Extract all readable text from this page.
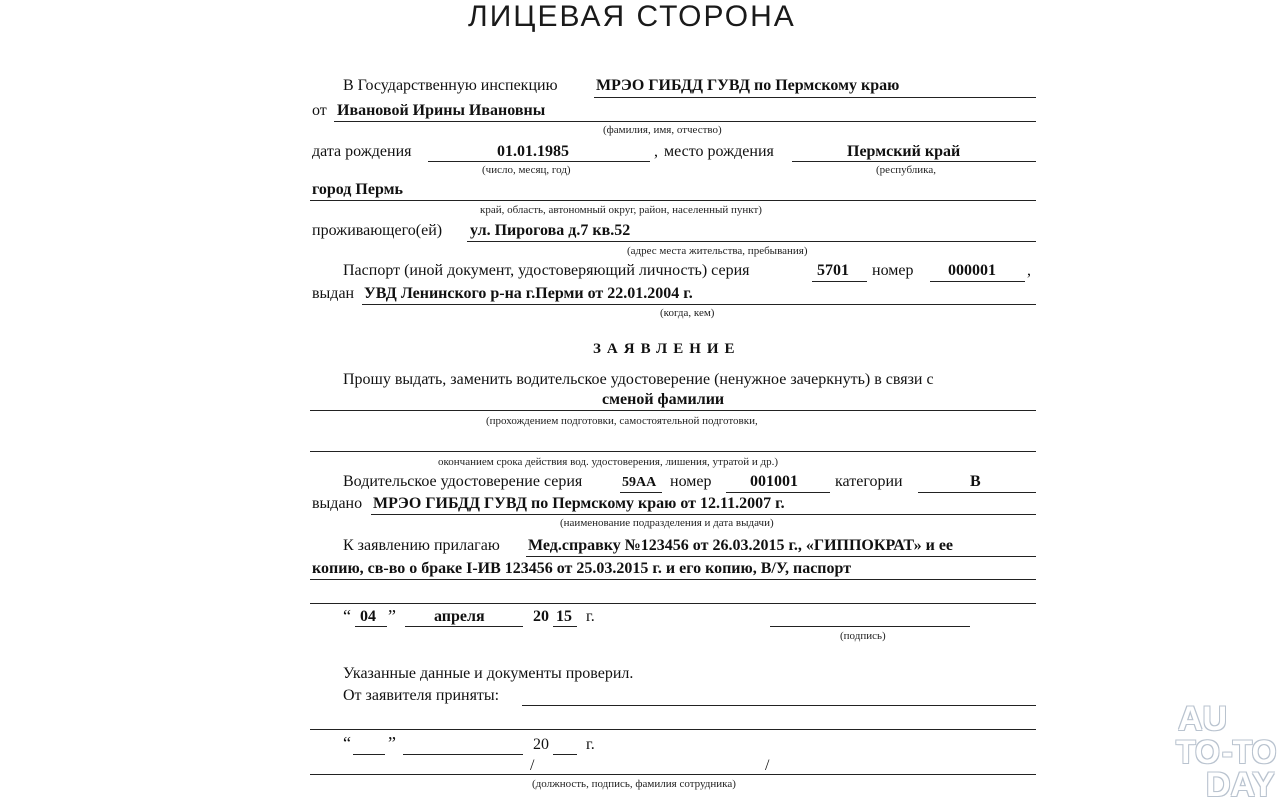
ЛИЦЕВАЯ СТОРОНА
В Государственную инспекцию МРЭО ГИБДД ГУВД по Пермскому краю
от Ивановой Ирины Ивановны
(фамилия, имя, отчество)
дата рождения	01.01.1985	, место рождения	Пермский край
(число, месяц, год)	(республика,
город Пермь
край, область, автономный округ, район, населенный пункт)
проживающего(ей) ул. Пирогова д.7 кв.52
(адрес места жительства, пребывания)
Паспорт (иной документ, удостоверяющий личность) серия	5701 номер 000001 ,
выдан УВД Ленинского р-на г.Перми от 22.01.2004 г.
(когда, кем)
ЗАЯВЛЕНИЕ
Прошу выдать, заменить водительское удостоверение (ненужное зачеркнуть) в связи с
сменой фамилии
(прохождением подготовки, самостоятельной подготовки,
окончанием срока действия вод. удостоверения, лишения, утратой и др.)
Водительское удостоверение серия	59АА номер 001001 категории	В
выдано МРЭО ГИБДД ГУВД по Пермскому краю от 12.11.2007 г.
(наименование подразделения и дата выдачи)
К заявлению прилагаю Мед.справку №123456 от 26.03.2015 г., «ГИППОКРАТ» и ее
копию, св-во о браке I-ИВ 123456 от 25.03.2015 г. и его копию, В/У, паспорт
“ 04 ” апреля	20 15 г.
(подпись)
Указанные данные и документы проверил.
От заявителя приняты:
“ ”	20 г.
/	/
(должность, подпись, фамилия сотрудника)
AU
TO -TO
DAY
